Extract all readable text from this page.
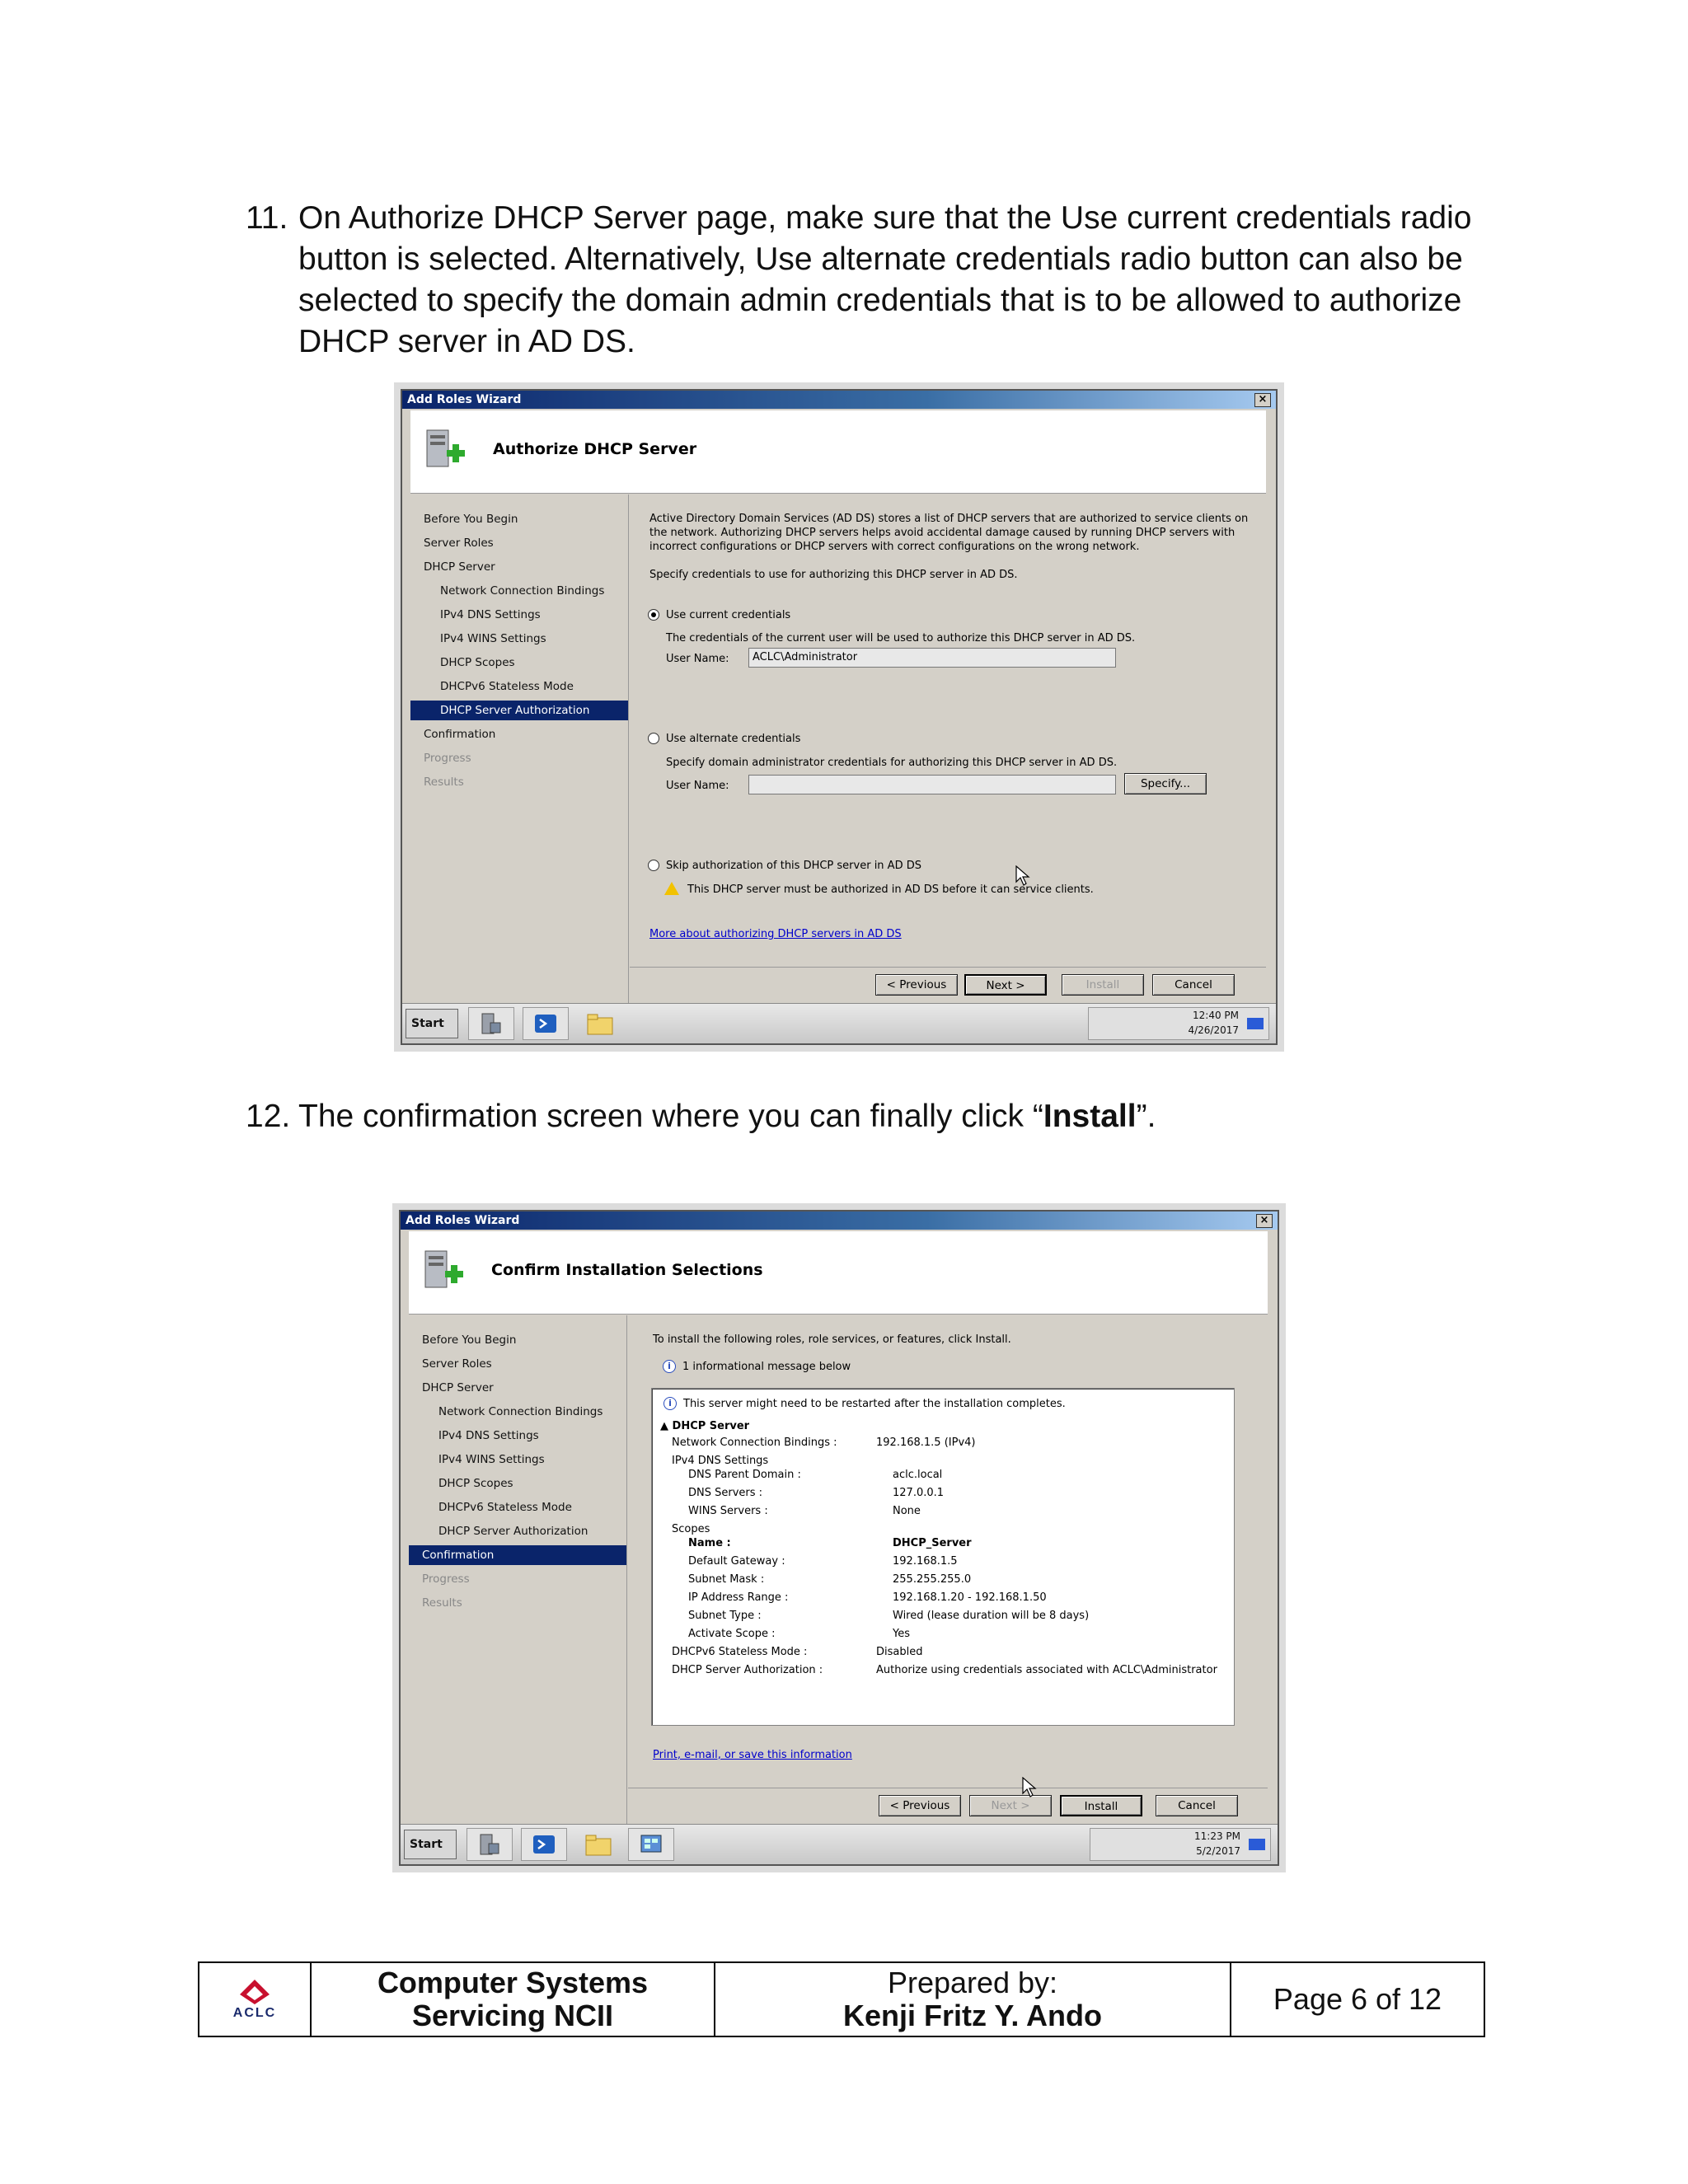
11. On Authorize DHCP Server page, make sure that the Use current credentials radio button is selected. Alternatively, Use alternate credentials radio button can also be selected to specify the domain admin credentials that is to be allowed to authorize DHCP server in AD DS.
Add Roles Wizard	×
Authorize DHCP Server
Before You Begin
Server Roles
DHCP Server
Network Connection Bindings
IPv4 DNS Settings
IPv4 WINS Settings
DHCP Scopes
DHCPv6 Stateless Mode
DHCP Server Authorization
Confirmation
Progress
Results
Active Directory Domain Services (AD DS) stores a list of DHCP servers that are authorized to service clients on
the network. Authorizing DHCP servers helps avoid accidental damage caused by running DHCP servers with
incorrect configurations or DHCP servers with correct configurations on the wrong network.
Specify credentials to use for authorizing this DHCP server in AD DS.
Use current credentials
The credentials of the current user will be used to authorize this DHCP server in AD DS.
User Name:	ACLC\Administrator
Use alternate credentials
Specify domain administrator credentials for authorizing this DHCP server in AD DS.
User Name:	Specify...
Skip authorization of this DHCP server in AD DS
This DHCP server must be authorized in AD DS before it can service clients.
More about authorizing DHCP servers in AD DS
< Previous	Next >	Install	Cancel
Start
12:40 PM
4/26/2017
12. The confirmation screen where you can finally click “Install”.
Add Roles Wizard	×
Confirm Installation Selections
Before You Begin
Server Roles
DHCP Server
Network Connection Bindings
IPv4 DNS Settings
IPv4 WINS Settings
DHCP Scopes
DHCPv6 Stateless Mode
DHCP Server Authorization
Confirmation
Progress
Results
To install the following roles, role services, or features, click Install.
i	1 informational message below
i	This server might need to be restarted after the installation completes.
▲ DHCP Server
Network Connection Bindings :	192.168.1.5 (IPv4)
IPv4 DNS Settings
DNS Parent Domain :	aclc.local
DNS Servers :	127.0.0.1
WINS Servers :	None
Scopes
Name :	DHCP_Server
Default Gateway :	192.168.1.5
Subnet Mask :	255.255.255.0
IP Address Range :	192.168.1.20 - 192.168.1.50
Subnet Type :	Wired (lease duration will be 8 days)
Activate Scope :	Yes
DHCPv6 Stateless Mode :	Disabled
DHCP Server Authorization :	Authorize using credentials associated with ACLC\Administrator
Print, e-mail, or save this information
< Previous	Next >	Install	Cancel
Start
11:23 PM
5/2/2017
ACLC
Computer Systems
Servicing NCII
Prepared by:
Kenji Fritz Y. Ando	Page 6 of 12
